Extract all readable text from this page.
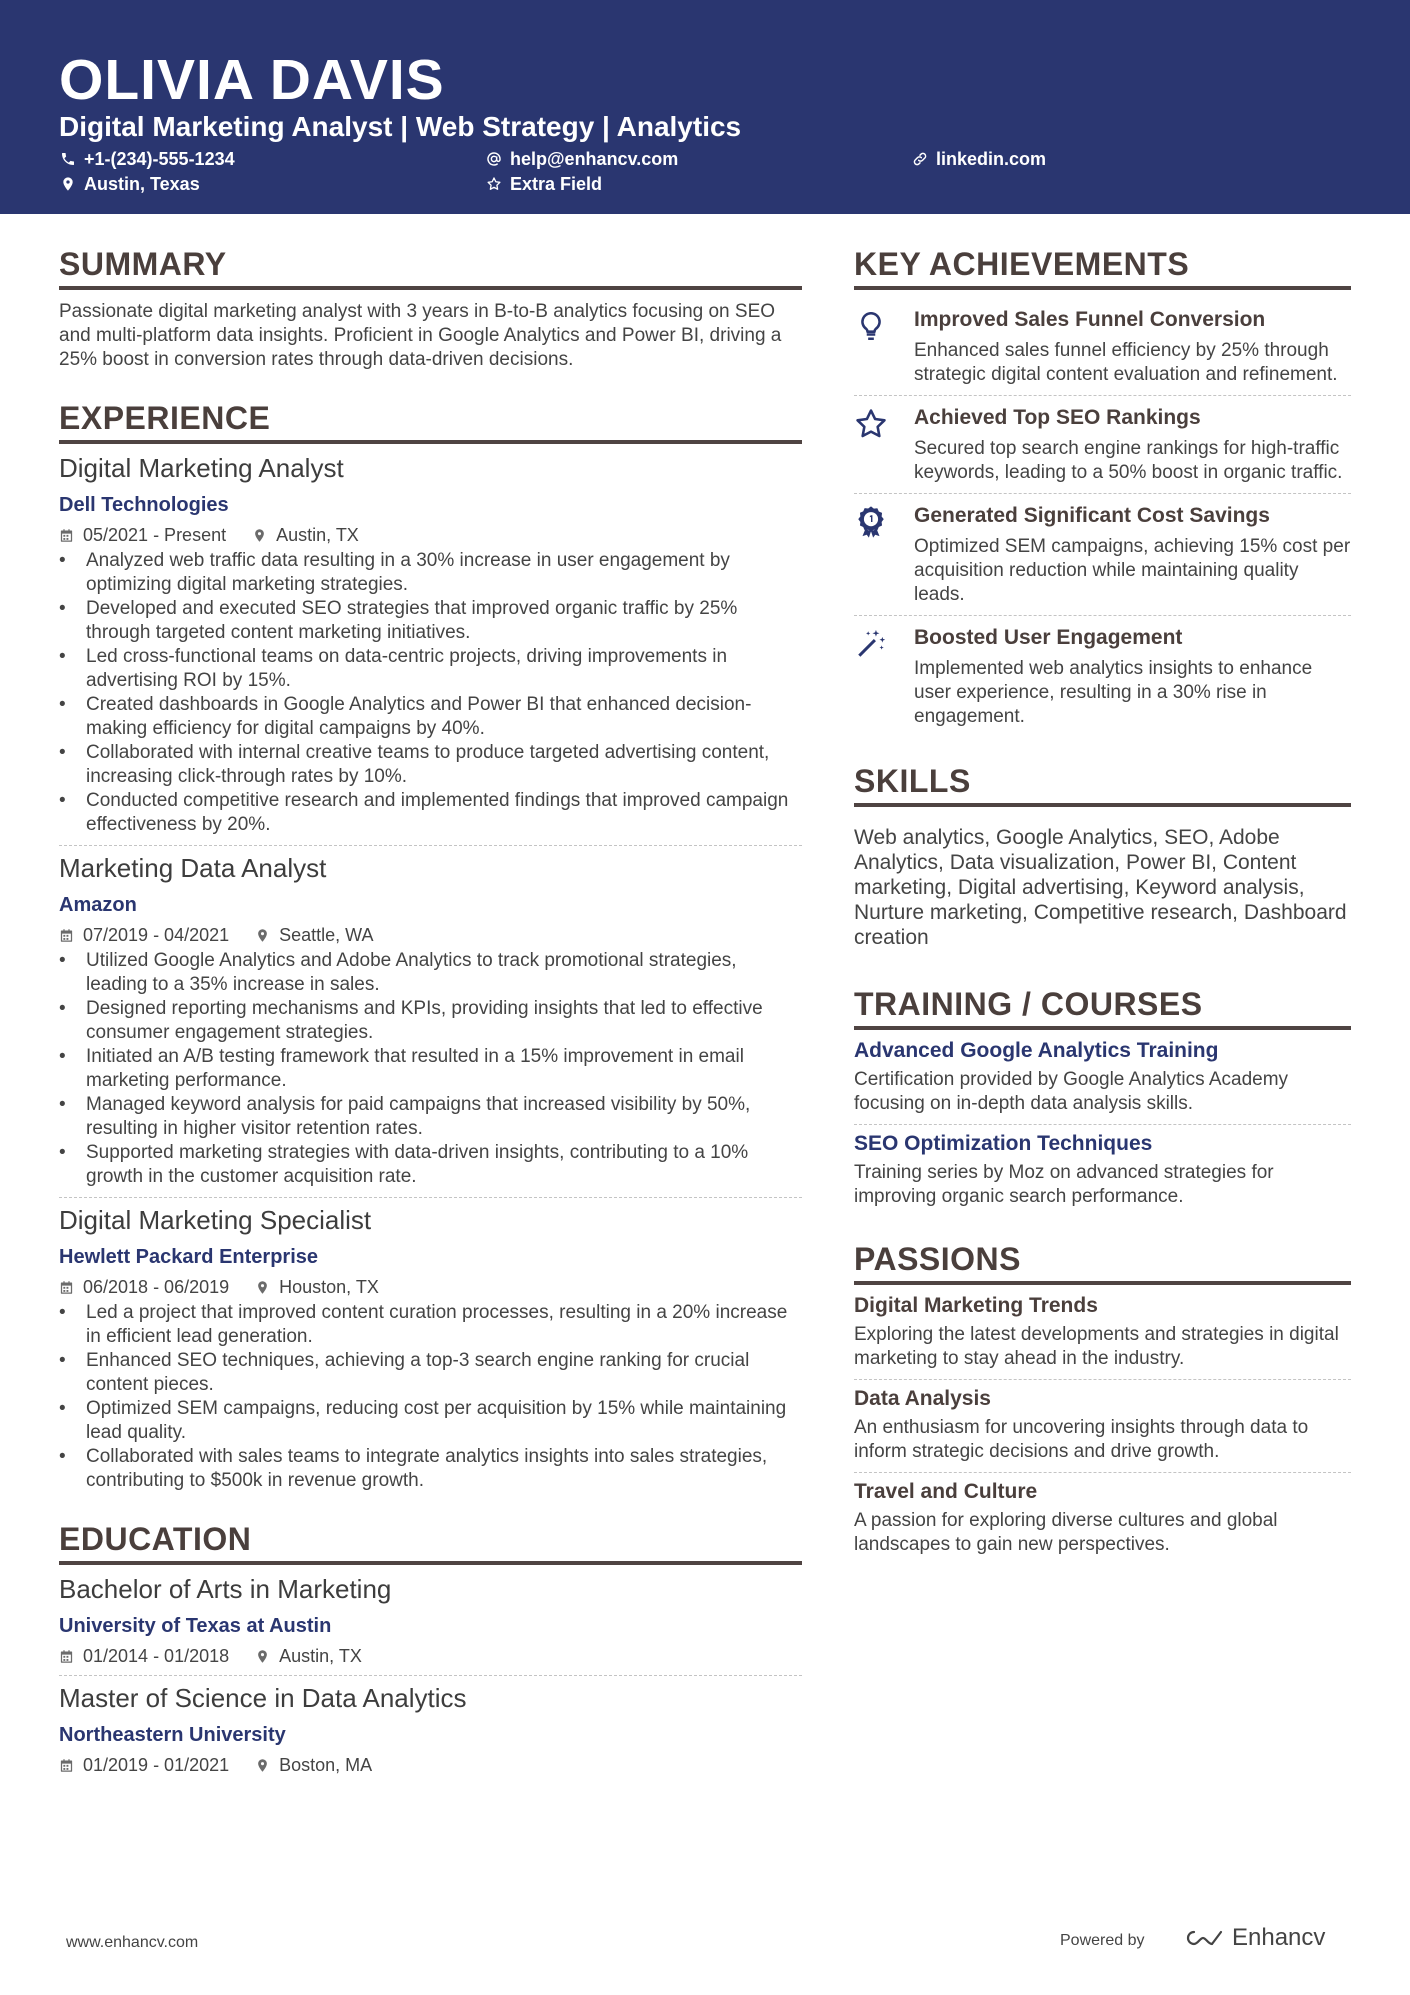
OLIVIA DAVIS
Digital Marketing Analyst | Web Strategy | Analytics
+1-(234)-555-1234	help@enhancv.com	linkedin.com
Austin, Texas	Extra Field
SUMMARY
Passionate digital marketing analyst with 3 years in B-to-B analytics focusing on SEO and multi-platform data insights. Proficient in Google Analytics and Power BI, driving a 25% boost in conversion rates through data-driven decisions.
EXPERIENCE
Digital Marketing Analyst
Dell Technologies
05/2021 - Present	Austin, TX
• Analyzed web traffic data resulting in a 30% increase in user engagement by optimizing digital marketing strategies.
• Developed and executed SEO strategies that improved organic traffic by 25% through targeted content marketing initiatives.
• Led cross-functional teams on data-centric projects, driving improvements in advertising ROI by 15%.
• Created dashboards in Google Analytics and Power BI that enhanced decision-making efficiency for digital campaigns by 40%.
• Collaborated with internal creative teams to produce targeted advertising content, increasing click-through rates by 10%.
• Conducted competitive research and implemented findings that improved campaign effectiveness by 20%.
Marketing Data Analyst
Amazon
07/2019 - 04/2021	Seattle, WA
• Utilized Google Analytics and Adobe Analytics to track promotional strategies, leading to a 35% increase in sales.
• Designed reporting mechanisms and KPIs, providing insights that led to effective consumer engagement strategies.
• Initiated an A/B testing framework that resulted in a 15% improvement in email marketing performance.
• Managed keyword analysis for paid campaigns that increased visibility by 50%, resulting in higher visitor retention rates.
• Supported marketing strategies with data-driven insights, contributing to a 10% growth in the customer acquisition rate.
Digital Marketing Specialist
Hewlett Packard Enterprise
06/2018 - 06/2019	Houston, TX
• Led a project that improved content curation processes, resulting in a 20% increase in efficient lead generation.
• Enhanced SEO techniques, achieving a top-3 search engine ranking for crucial content pieces.
• Optimized SEM campaigns, reducing cost per acquisition by 15% while maintaining lead quality.
• Collaborated with sales teams to integrate analytics insights into sales strategies, contributing to $500k in revenue growth.
EDUCATION
Bachelor of Arts in Marketing
University of Texas at Austin
01/2014 - 01/2018	Austin, TX
Master of Science in Data Analytics
Northeastern University
01/2019 - 01/2021	Boston, MA
KEY ACHIEVEMENTS
Improved Sales Funnel Conversion
Enhanced sales funnel efficiency by 25% through strategic digital content evaluation and refinement.
Achieved Top SEO Rankings
Secured top search engine rankings for high-traffic keywords, leading to a 50% boost in organic traffic.
Generated Significant Cost Savings
Optimized SEM campaigns, achieving 15% cost per acquisition reduction while maintaining quality leads.
Boosted User Engagement
Implemented web analytics insights to enhance user experience, resulting in a 30% rise in engagement.
SKILLS
Web analytics, Google Analytics, SEO, Adobe Analytics, Data visualization, Power BI, Content marketing, Digital advertising, Keyword analysis, Nurture marketing, Competitive research, Dashboard creation
TRAINING / COURSES
Advanced Google Analytics Training
Certification provided by Google Analytics Academy focusing on in-depth data analysis skills.
SEO Optimization Techniques
Training series by Moz on advanced strategies for improving organic search performance.
PASSIONS
Digital Marketing Trends
Exploring the latest developments and strategies in digital marketing to stay ahead in the industry.
Data Analysis
An enthusiasm for uncovering insights through data to inform strategic decisions and drive growth.
Travel and Culture
A passion for exploring diverse cultures and global landscapes to gain new perspectives.
www.enhancv.com	Powered by	Enhancv
